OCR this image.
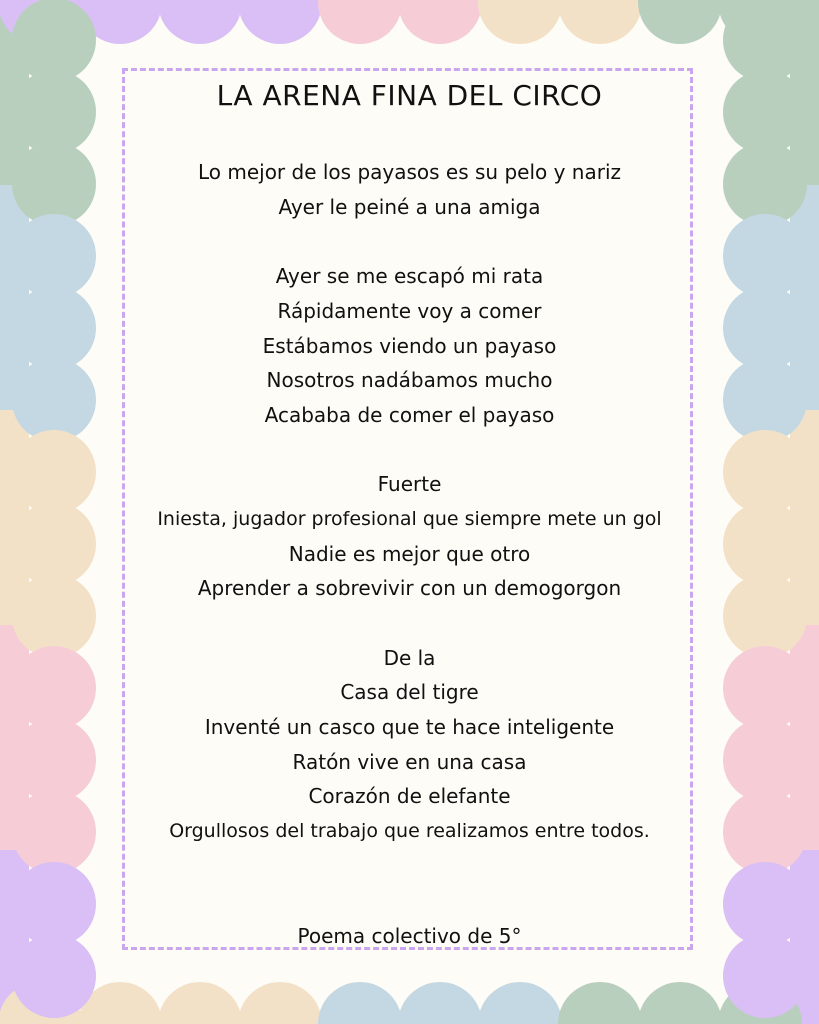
LA ARENA FINA DEL CIRCO
Lo mejor de los payasos es su pelo y nariz
Ayer le peiné a una amiga
Ayer se me escapó mi rata
Rápidamente voy a comer
Estábamos viendo un payaso
Nosotros nadábamos mucho
Acababa de comer el payaso
Fuerte
Iniesta, jugador profesional que siempre mete un gol
Nadie es mejor que otro
Aprender a sobrevivir con un demogorgon
De la
Casa del tigre
Inventé un casco que te hace inteligente
Ratón vive en una casa
Corazón de elefante
Orgullosos del trabajo que realizamos entre todos.
Poema colectivo de 5°
